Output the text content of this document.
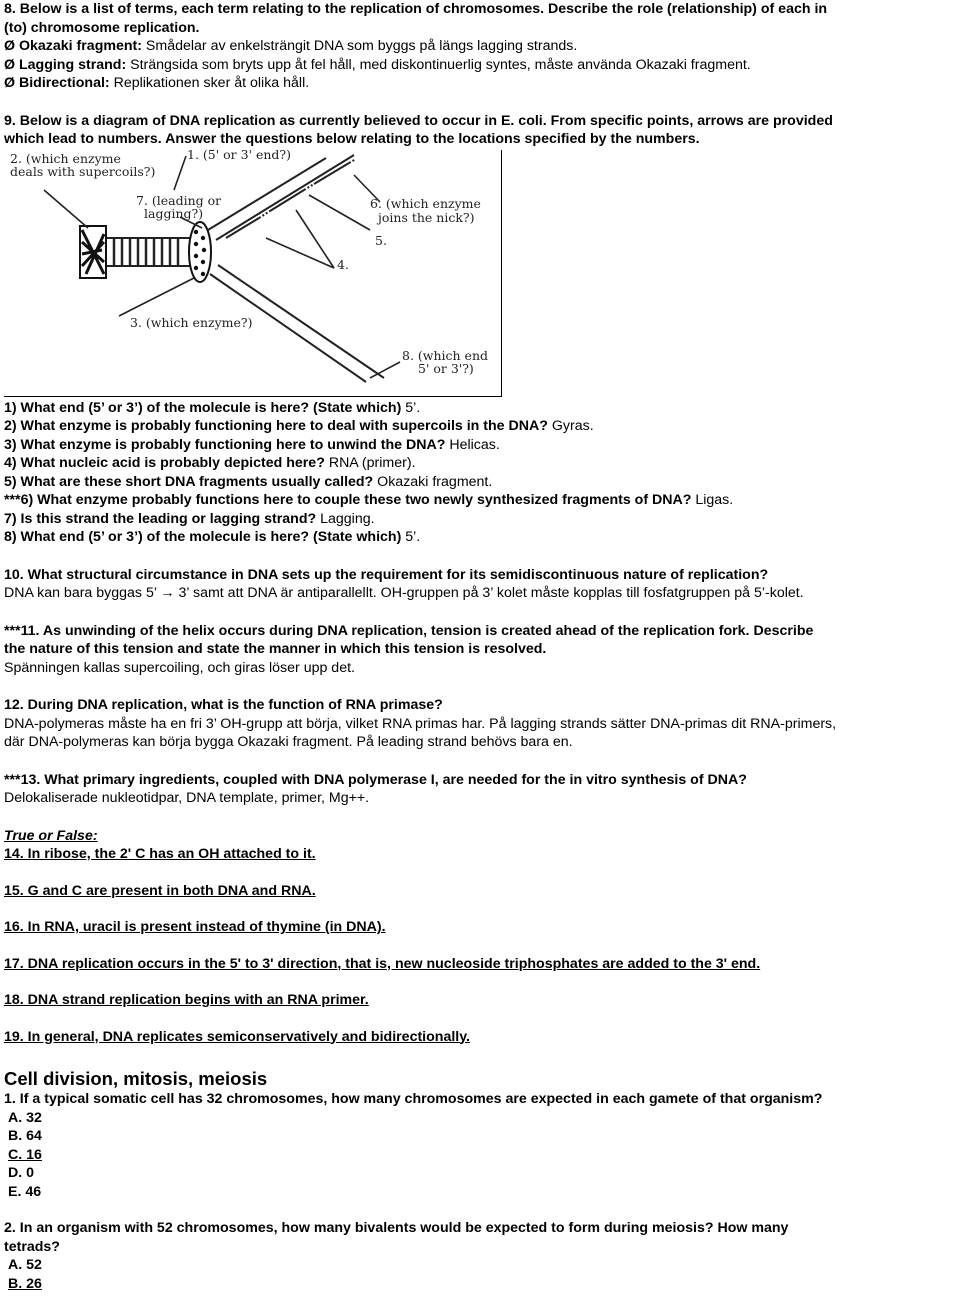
8. Below is a list of terms, each term relating to the replication of chromosomes. Describe the role (relationship) of each in

(to) chromosome replication.

Ø Okazaki fragment: Smådelar av enkelsträngit DNA som byggs på längs lagging strands.

Ø Lagging strand: Strängsida som bryts upp åt fel håll, med diskontinuerlig syntes, måste använda Okazaki fragment.

Ø Bidirectional: Replikationen sker åt olika håll.

9. Below is a diagram of DNA replication as currently believed to occur in E. coli. From specific points, arrows are provided

which lead to numbers. Answer the questions below relating to the locations specified by the numbers.

2. (which enzyme
deals with supercoils?)
1. (5' or 3' end?)
7. (leading or
lagging?)
6. (which enzyme
joins the nick?)
5.
4.
3. (which enzyme?)
8. (which end
5' or 3'?)

1) What end (5’ or 3’) of the molecule is here? (State which) 5’.

2) What enzyme is probably functioning here to deal with supercoils in the DNA? Gyras.

3) What enzyme is probably functioning here to unwind the DNA? Helicas.

4) What nucleic acid is probably depicted here? RNA (primer).

5) What are these short DNA fragments usually called? Okazaki fragment.

***6) What enzyme probably functions here to couple these two newly synthesized fragments of DNA? Ligas.

7) Is this strand the leading or lagging strand? Lagging.

8) What end (5’ or 3’) of the molecule is here? (State which) 5’.

10. What structural circumstance in DNA sets up the requirement for its semidiscontinuous nature of replication?

DNA kan bara byggas 5’ → 3’ samt att DNA är antiparallellt. OH-gruppen på 3’ kolet måste kopplas till fosfatgruppen på 5’-kolet.

***11. As unwinding of the helix occurs during DNA replication, tension is created ahead of the replication fork. Describe

the nature of this tension and state the manner in which this tension is resolved.

Spänningen kallas supercoiling, och giras löser upp det.

12. During DNA replication, what is the function of RNA primase?

DNA-polymeras måste ha en fri 3’ OH-grupp att börja, vilket RNA primas har. På lagging strands sätter DNA-primas dit RNA-primers,

där DNA-polymeras kan börja bygga Okazaki fragment. På leading strand behövs bara en.

***13. What primary ingredients, coupled with DNA polymerase I, are needed for the in vitro synthesis of DNA?

Delokaliserade nukleotidpar, DNA template, primer, Mg++.

True or False:

14. In ribose, the 2' C has an OH attached to it.

15. G and C are present in both DNA and RNA.

16. In RNA, uracil is present instead of thymine (in DNA).

17. DNA replication occurs in the 5' to 3' direction, that is, new nucleoside triphosphates are added to the 3' end.

18. DNA strand replication begins with an RNA primer.

19. In general, DNA replicates semiconservatively and bidirectionally.

Cell division, mitosis, meiosis

1. If a typical somatic cell has 32 chromosomes, how many chromosomes are expected in each gamete of that organism?

A. 32

B. 64

C. 16

D. 0

E. 46

2. In an organism with 52 chromosomes, how many bivalents would be expected to form during meiosis? How many

tetrads?

A. 52

B. 26
